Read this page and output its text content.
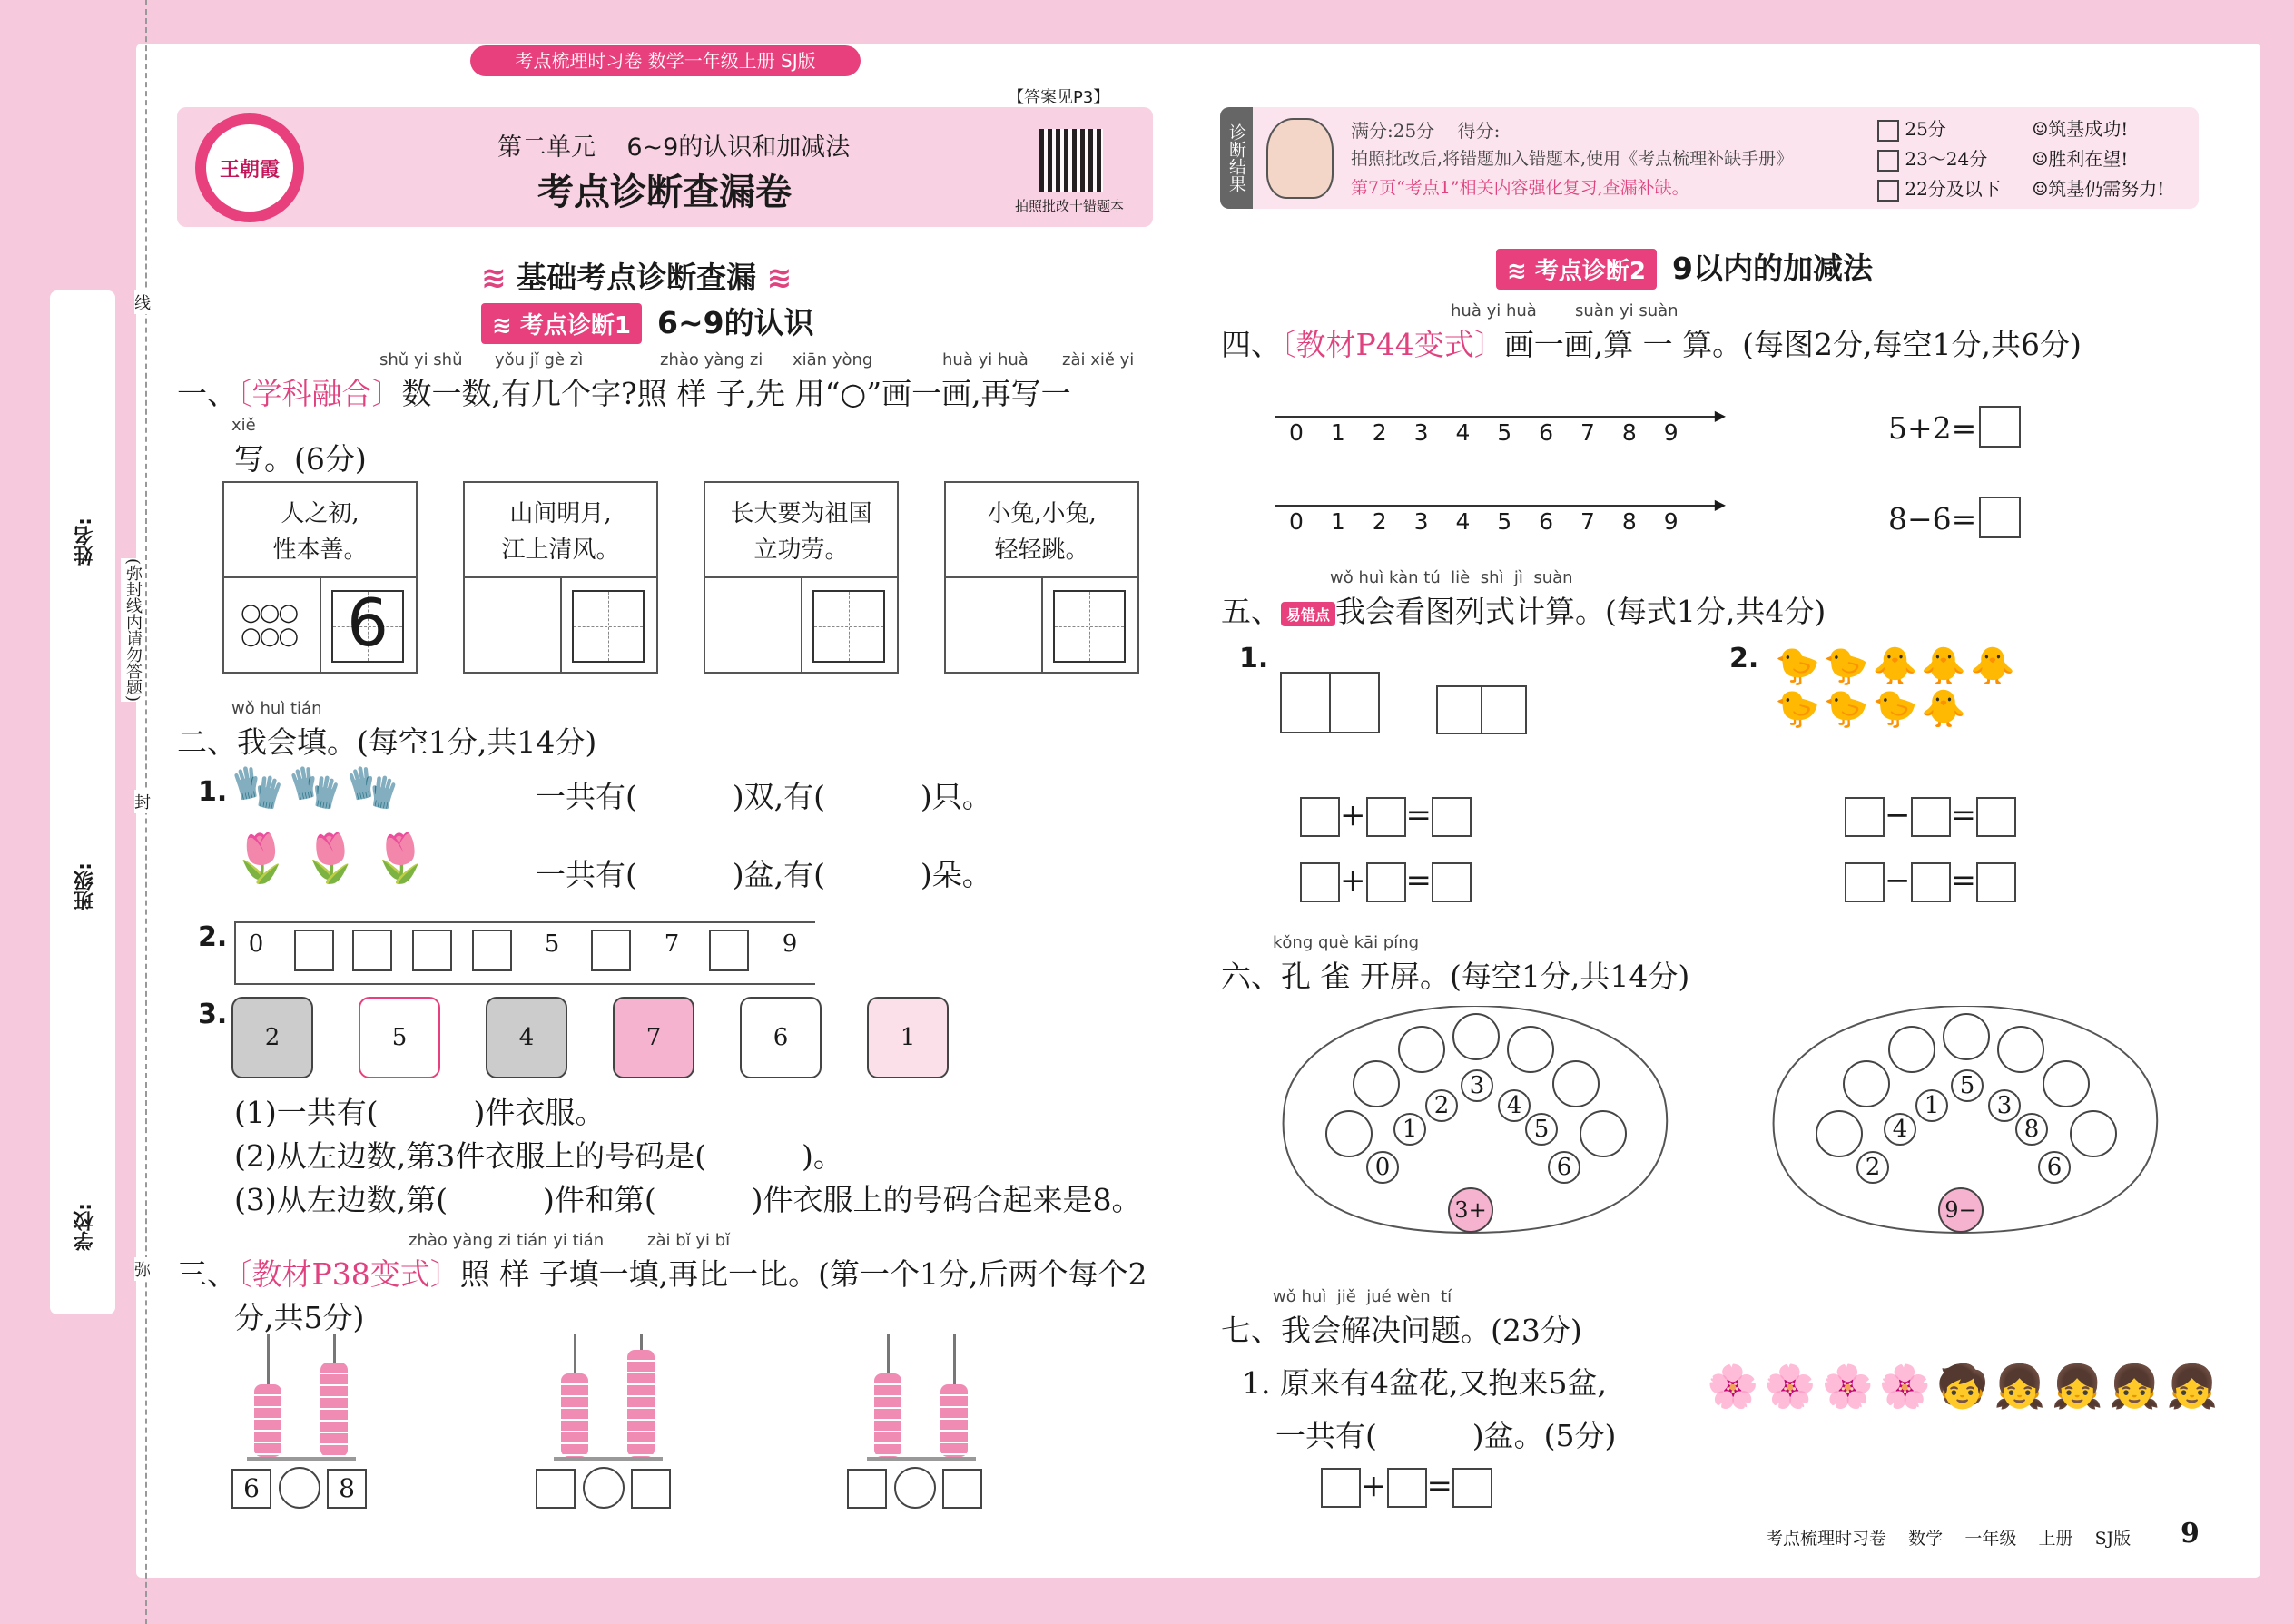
考点梳理时习卷 数学一年级上册 SJ版
王朝霞
【答案见P3】
第二单元    6~9的认识和加减法
考点诊断查漏卷	拍照批改十错题本
诊断结果	满分:25分    得分:
拍照批改后,将错题加入错题本,使用《考点梳理补缺手册》
第7页“考点1”相关内容强化复习,查漏补缺。
25分	☺筑基成功!
23～24分 ☺胜利在望!
22分及以下 ☺筑基仍需努力!
姓名:
班级:
学校:
(弥封线内请勿答题)
线
封
弥
≋ 基础考点诊断查漏 ≋
≋ 考点诊断1 6~9的认识
≋ 考点诊断2 9以内的加减法
shǔ yi shǔ yǒu jǐ gè zì	zhào yàng zi xiān yòng	huà yi huà zài xiě yi
一、〔学科融合〕数一数,有几个字?照 样 子,先 用“○”画一画,再写一
xiě
写。(6分)
人之初,
性本善。
○○○
○○○ 6
山间明月,
江上清风。
长大要为祖国
立功劳。
小兔,小兔,
轻轻跳。
wǒ huì tián
二、我会填。(每空1分,共14分)
1. 🧤🧤🧤	一共有(          )双,有(          )只。
🌷🌷🌷	一共有(          )盆,有(          )朵。
2. 0	5	7	9
3.
2	5	4	7	6	1
(1)一共有(          )件衣服。
(2)从左边数,第3件衣服上的号码是(          )。
(3)从左边数,第(          )件和第(          )件衣服上的号码合起来是8。
zhào yàng zi tián yi tián	zài bǐ yi bǐ
三、〔教材P38变式〕照 样 子填一填,再比一比。(第一个1分,后两个每个2
分,共5分)
6	8
huà yi huà suàn yi suàn
四、〔教材P44变式〕画一画,算 一 算。(每图2分,每空1分,共6分)
▶
0 1 2 3 4 5 6 7 8 9	5+2=
▶
0 1 2 3 4 5 6 7 8 9	8−6=
wǒ huì kàn tú  liè  shì  jì  suàn
五、 易错点 我会看图列式计算。(每式1分,共4分)
1.	2. 🐤🐤🐥🐥🐥
🐤🐤🐤🐥
+ =
+ =
− =
− =
kǒng què kāi píng
六、孔 雀 开屏。(每空1分,共14分)
0
1
2
3
4
5
6
3+
2
4
1
5
3
8
6
9−
wǒ huì  jiě  jué wèn  tí
七、我会解决问题。(23分)
1. 原来有4盆花,又抱来5盆,
一共有(          )盆。(5分)
+ =
🌸🌸🌸🌸🧒👧👧👧👧
考点梳理时习卷    数学    一年级    上册    SJ版 9
